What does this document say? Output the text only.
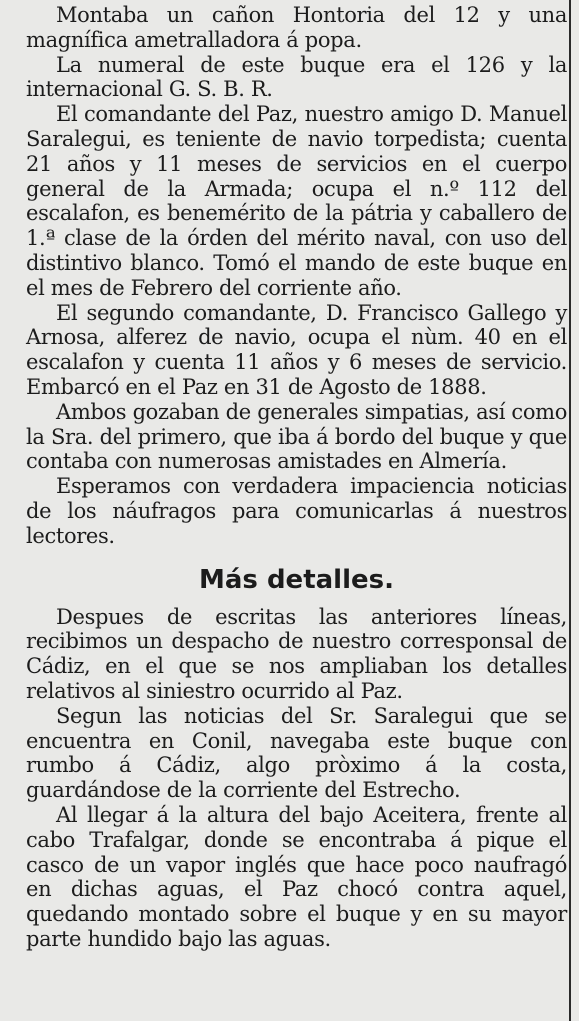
Montaba un cañon Hontoria del 12 y una magnífica ametralladora á popa.

La numeral de este buque era el 126 y la internacional G. S. B. R.

El comandante del Paz, nuestro amigo D. Manuel Saralegui, es teniente de navio torpedista; cuenta 21 años y 11 meses de servicios en el cuerpo general de la Armada; ocupa el n.º 112 del escalafon, es benemérito de la pátria y caballero de 1.ª clase de la órden del mérito naval, con uso del distintivo blanco. Tomó el mando de este buque en el mes de Febrero del corriente año.

El segundo comandante, D. Francisco Gallego y Arnosa, alferez de navio, ocupa el nùm. 40 en el escalafon y cuenta 11 años y 6 meses de servicio. Embarcó en el Paz en 31 de Agosto de 1888.

Ambos gozaban de generales simpatias, así como la Sra. del primero, que iba á bordo del buque y que contaba con numerosas amistades en Almería.

Esperamos con verdadera impaciencia noticias de los náufragos para comunicarlas á nuestros lectores.

Más detalles.

Despues de escritas las anteriores líneas, recibimos un despacho de nuestro corresponsal de Cádiz, en el que se nos ampliaban los detalles relativos al siniestro ocurrido al Paz.

Segun las noticias del Sr. Saralegui que se encuentra en Conil, navegaba este buque con rumbo á Cádiz, algo pròximo á la costa, guardándose de la corriente del Estrecho.

Al llegar á la altura del bajo Aceitera, frente al cabo Trafalgar, donde se encontraba á pique el casco de un vapor inglés que hace poco naufragó en dichas aguas, el Paz chocó contra aquel, quedando montado sobre el buque y en su mayor parte hundido bajo las aguas.
